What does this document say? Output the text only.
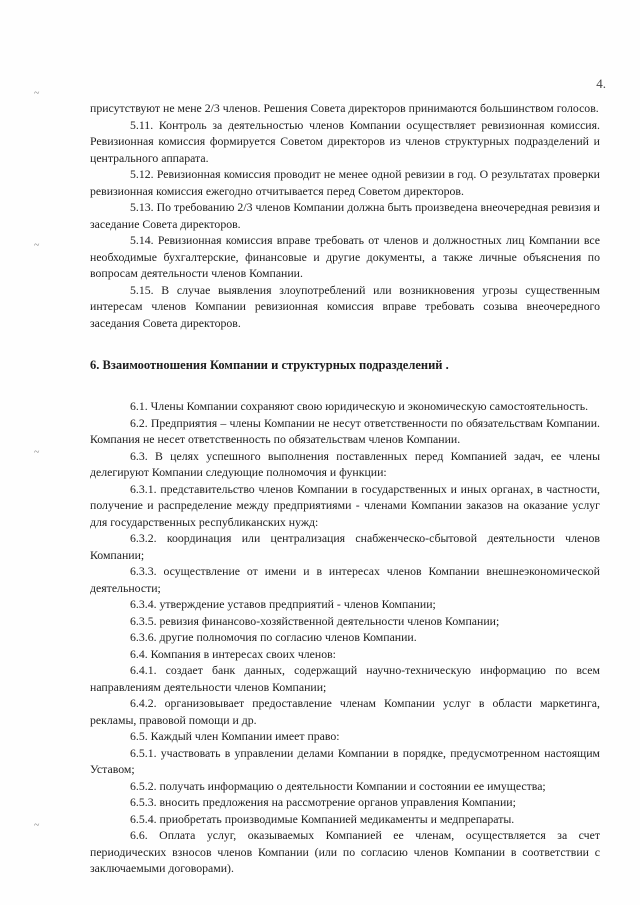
4.
~
~
~
~

присутствуют не мене 2/3 членов. Решения Совета директоров принимаются большинством голосов.

5.11. Контроль за деятельностью членов Компании осуществляет ревизионная комиссия. Ревизионная комиссия формируется Советом директоров из членов структурных подразделений и центрального аппарата.

5.12. Ревизионная комиссия проводит не менее одной ревизии в год. О результатах проверки ревизионная комиссия ежегодно отчитывается перед Советом директоров.

5.13. По требованию 2/3 членов Компании должна быть произведена внеочередная ревизия и заседание Совета директоров.

5.14. Ревизионная комиссия вправе требовать от членов и должностных лиц Компании все необходимые бухгалтерские, финансовые и другие документы, а также личные объяснения по вопросам деятельности членов Компании.

5.15. В случае выявления злоупотреблений или возникновения угрозы существенным интересам членов Компании ревизионная комиссия вправе требовать созыва внеочередного заседания Совета директоров.

6. Взаимоотношения Компании и структурных подразделений .

6.1. Члены Компании сохраняют свою юридическую и экономическую самостоятельность.

6.2. Предприятия – члены Компании не несут ответственности по обязательствам Компании. Компания не несет ответственность по обязательствам членов Компании.

6.3. В целях успешного выполнения поставленных перед Компанией задач, ее члены делегируют Компании следующие полномочия и функции:

6.3.1. представительство членов Компании в государственных и иных органах, в частности, получение и распределение между предприятиями - членами Компании заказов на оказание услуг для государственных республиканских нужд:

6.3.2. координация или централизация снабженческо-сбытовой деятельности членов Компании;

6.3.3. осуществление от имени и в интересах членов Компании внешнеэкономической деятельности;

6.3.4. утверждение уставов предприятий - членов Компании;

6.3.5. ревизия финансово-хозяйственной деятельности членов Компании;

6.3.6. другие полномочия по согласию членов Компании.

6.4. Компания в интересах своих членов:

6.4.1. создает банк данных, содержащий научно-техническую информацию по всем направлениям деятельности членов Компании;

6.4.2. организовывает предоставление членам Компании услуг в области маркетинга, рекламы, правовой помощи и др.

6.5. Каждый член Компании имеет право:

6.5.1. участвовать в управлении делами Компании в порядке, предусмотренном настоящим Уставом;

6.5.2. получать информацию о деятельности Компании и состоянии ее имущества;

6.5.3. вносить предложения на рассмотрение органов управления Компании;

6.5.4. приобретать производимые Компанией медикаменты и медпрепараты.

6.6. Оплата услуг, оказываемых Компанией ее членам, осуществляется за счет периодических взносов членов Компании (или по согласию членов Компании в соответствии с заключаемыми договорами).
